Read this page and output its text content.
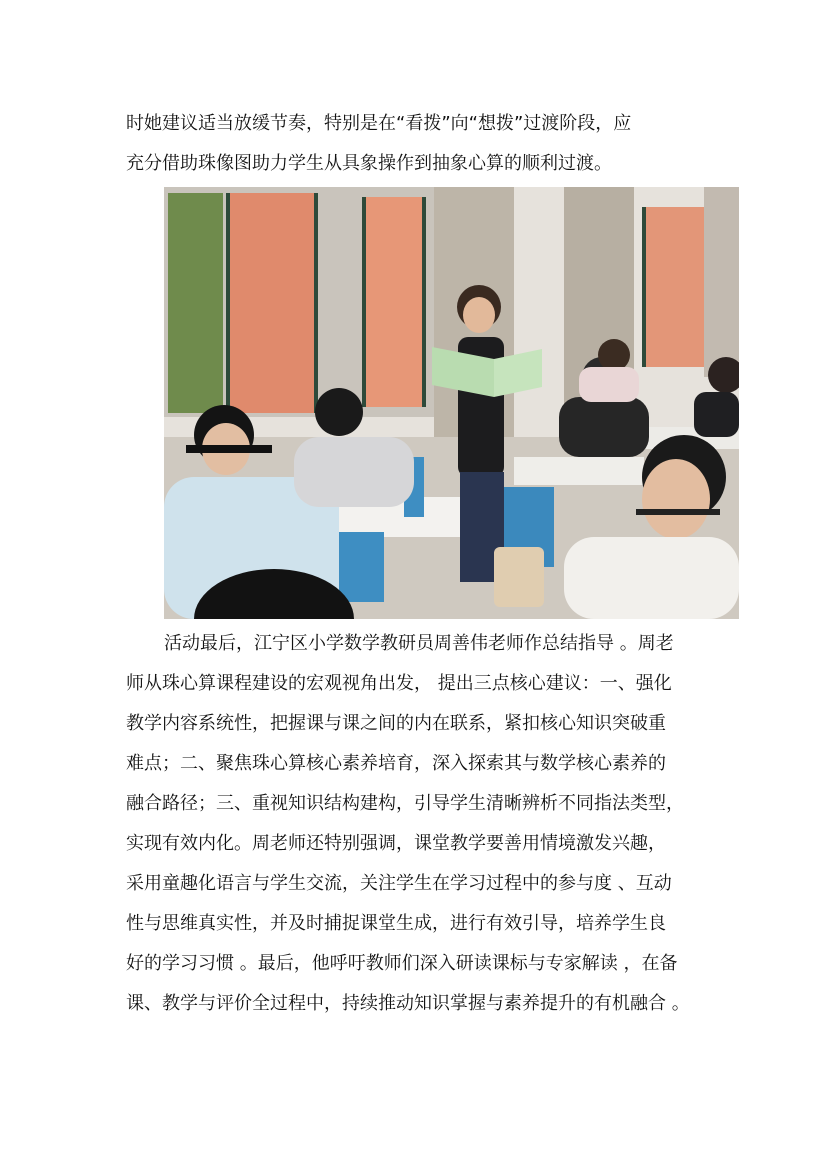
时她建议适当放缓节奏，特别是在“看拨”向“想拨”过渡阶段，应
充分借助珠像图助力学生从具象操作到抽象心算的顺利过渡。
活动最后，江宁区小学数学教研员周善伟老师作总结指导 。周老
师从珠心算课程建设的宏观视角出发， 提出三点核心建议：一、强化
教学内容系统性，把握课与课之间的内在联系，紧扣核心知识突破重
难点；二、聚焦珠心算核心素养培育，深入探索其与数学核心素养的
融合路径；三、重视知识结构建构，引导学生清晰辨析不同指法类型，
实现有效内化。周老师还特别强调，课堂教学要善用情境激发兴趣，
采用童趣化语言与学生交流，关注学生在学习过程中的参与度 、互动
性与思维真实性，并及时捕捉课堂生成，进行有效引导，培养学生良
好的学习习惯 。最后，他呼吁教师们深入研读课标与专家解读 ，在备
课、教学与评价全过程中，持续推动知识掌握与素养提升的有机融合 。
